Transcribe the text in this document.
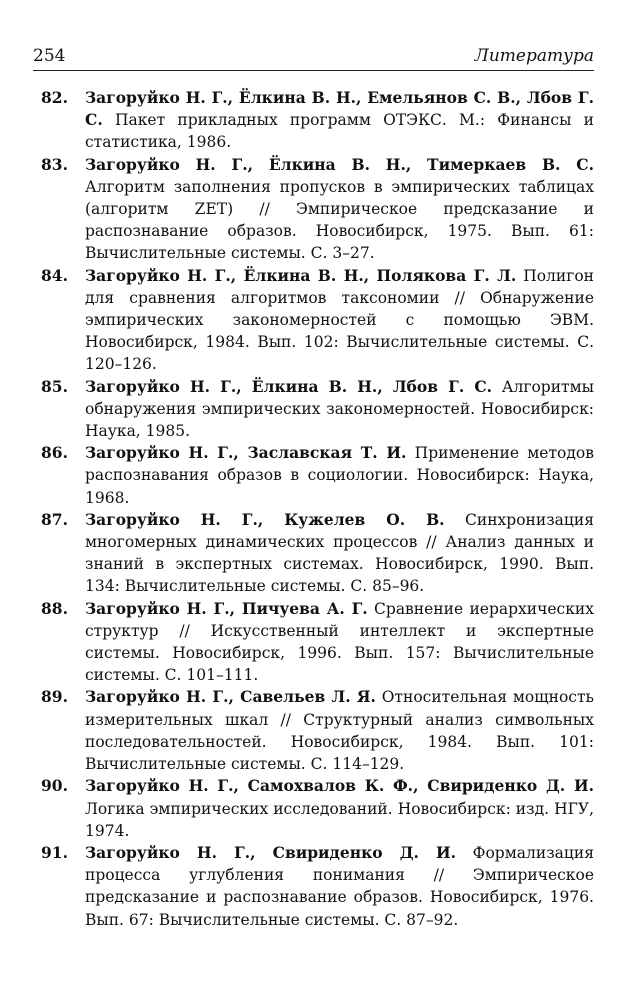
254	Литература

82. Загоруйко Н. Г., Ёлкина В. Н., Емельянов С. В., Лбов Г. С. Пакет прикладных программ ОТЭКС. М.: Финансы и статистика, 1986.

83. Загоруйко Н. Г., Ёлкина В. Н., Тимеркаев В. С. Алгоритм заполнения пропусков в эмпирических таблицах (алгоритм ZET) // Эмпирическое предсказание и распознавание образов. Новосибирск, 1975. Вып. 61: Вычислительные системы. С. 3–27.

84. Загоруйко Н. Г., Ёлкина В. Н., Полякова Г. Л. Полигон для сравнения алгоритмов таксономии // Обнаружение эмпирических закономерностей с помощью ЭВМ. Новосибирск, 1984. Вып. 102: Вычислительные системы. С. 120–126.

85. Загоруйко Н. Г., Ёлкина В. Н., Лбов Г. С. Алгоритмы обнаружения эмпирических закономерностей. Новосибирск: Наука, 1985.

86. Загоруйко Н. Г., Заславская Т. И. Применение методов распознавания образов в социологии. Новосибирск: Наука, 1968.

87. Загоруйко Н. Г., Кужелев О. В. Синхронизация многомерных динамических процессов // Анализ данных и знаний в экспертных системах. Новосибирск, 1990. Вып. 134: Вычислительные системы. С. 85–96.

88. Загоруйко Н. Г., Пичуева А. Г. Сравнение иерархических структур // Искусственный интеллект и экспертные системы. Новосибирск, 1996. Вып. 157: Вычислительные системы. С. 101–111.

89. Загоруйко Н. Г., Савельев Л. Я. Относительная мощность измерительных шкал // Структурный анализ символьных последовательностей. Новосибирск, 1984. Вып. 101: Вычислительные системы. С. 114–129.

90. Загоруйко Н. Г., Самохвалов К. Ф., Свириденко Д. И. Логика эмпирических исследований. Новосибирск: изд. НГУ, 1974.

91. Загоруйко Н. Г., Свириденко Д. И. Формализация процесса углубления понимания // Эмпирическое предсказание и распознавание образов. Новосибирск, 1976. Вып. 67: Вычислительные системы. С. 87–92.
